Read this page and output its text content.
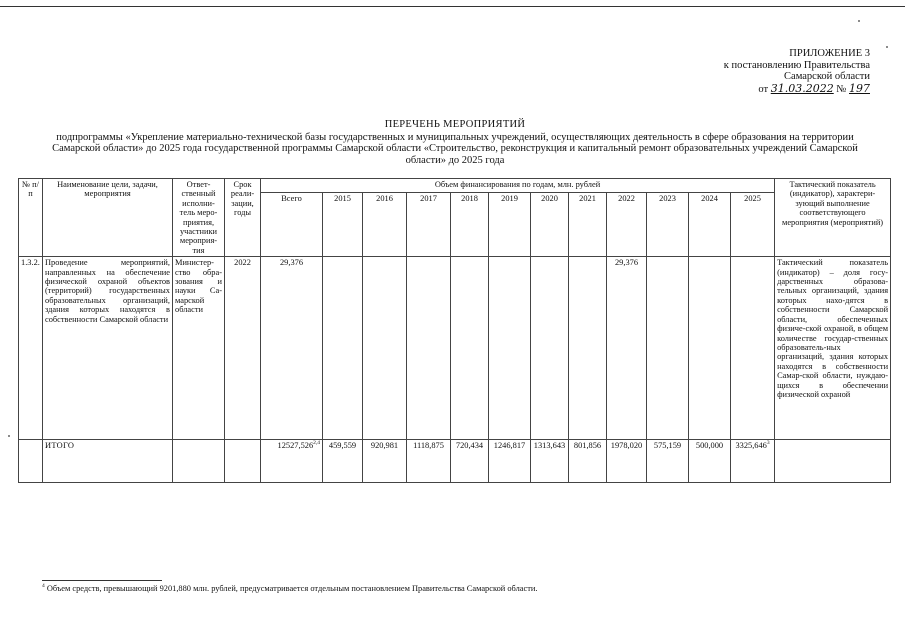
ПРИЛОЖЕНИЕ 3
к постановлению Правительства
Самарской области
от 31.03.2022 № 197
ПЕРЕЧЕНЬ МЕРОПРИЯТИЙ
подпрограммы «Укрепление материально-технической базы государственных и муниципальных учреждений, осуществляющих деятельность в сфере образования на территории Самарской области» до 2025 года государственной программы Самарской области «Строительство, реконструкция и капитальный ремонт образовательных учреждений Самарской области» до 2025 года
№ п/п	Наименование цели, задачи, мероприятия	Ответ-ственный исполни-тель меро-приятия, участники мероприя-тия	Срок реали-зации, годы	Объем финансирования по годам, млн. рублей												Тактический показатель (индикатор), характери-зующий выполнение соответствующего мероприятия (мероприятий)
				Всего	2015	2016	2017	2018	2019	2020	2021	2022	2023	2024	2025	
1.3.2.	Проведение мероприятий, направленных на обеспечение физической охраной объектов (территорий) государственных образовательных организаций, здания которых находятся в собственности Самарской области	Министер-ство обра-зования и науки Са-марской области	2022	29,376								29,376				Тактический показатель (индикатор) – доля госу-дарственных образова-тельных организаций, здания которых нахо-дятся в собственности Самарской области, обеспеченных физиче-ской охраной, в общем количестве государ-ственных образователь-ных организаций, здания которых находятся в собственности Самар-ской области, нуждаю-щихся в обеспечении физической охраной
	ИТОГО			12527,526$^{2,4}$	459,559	920,981	1118,875	720,434	1246,817	1313,643	801,856	1978,020	575,159	500,000	3325,646$^3$	
$^4$ Объем средств, превышающий 9201,880 млн. рублей, предусматривается отдельным постановлением Правительства Самарской области.
